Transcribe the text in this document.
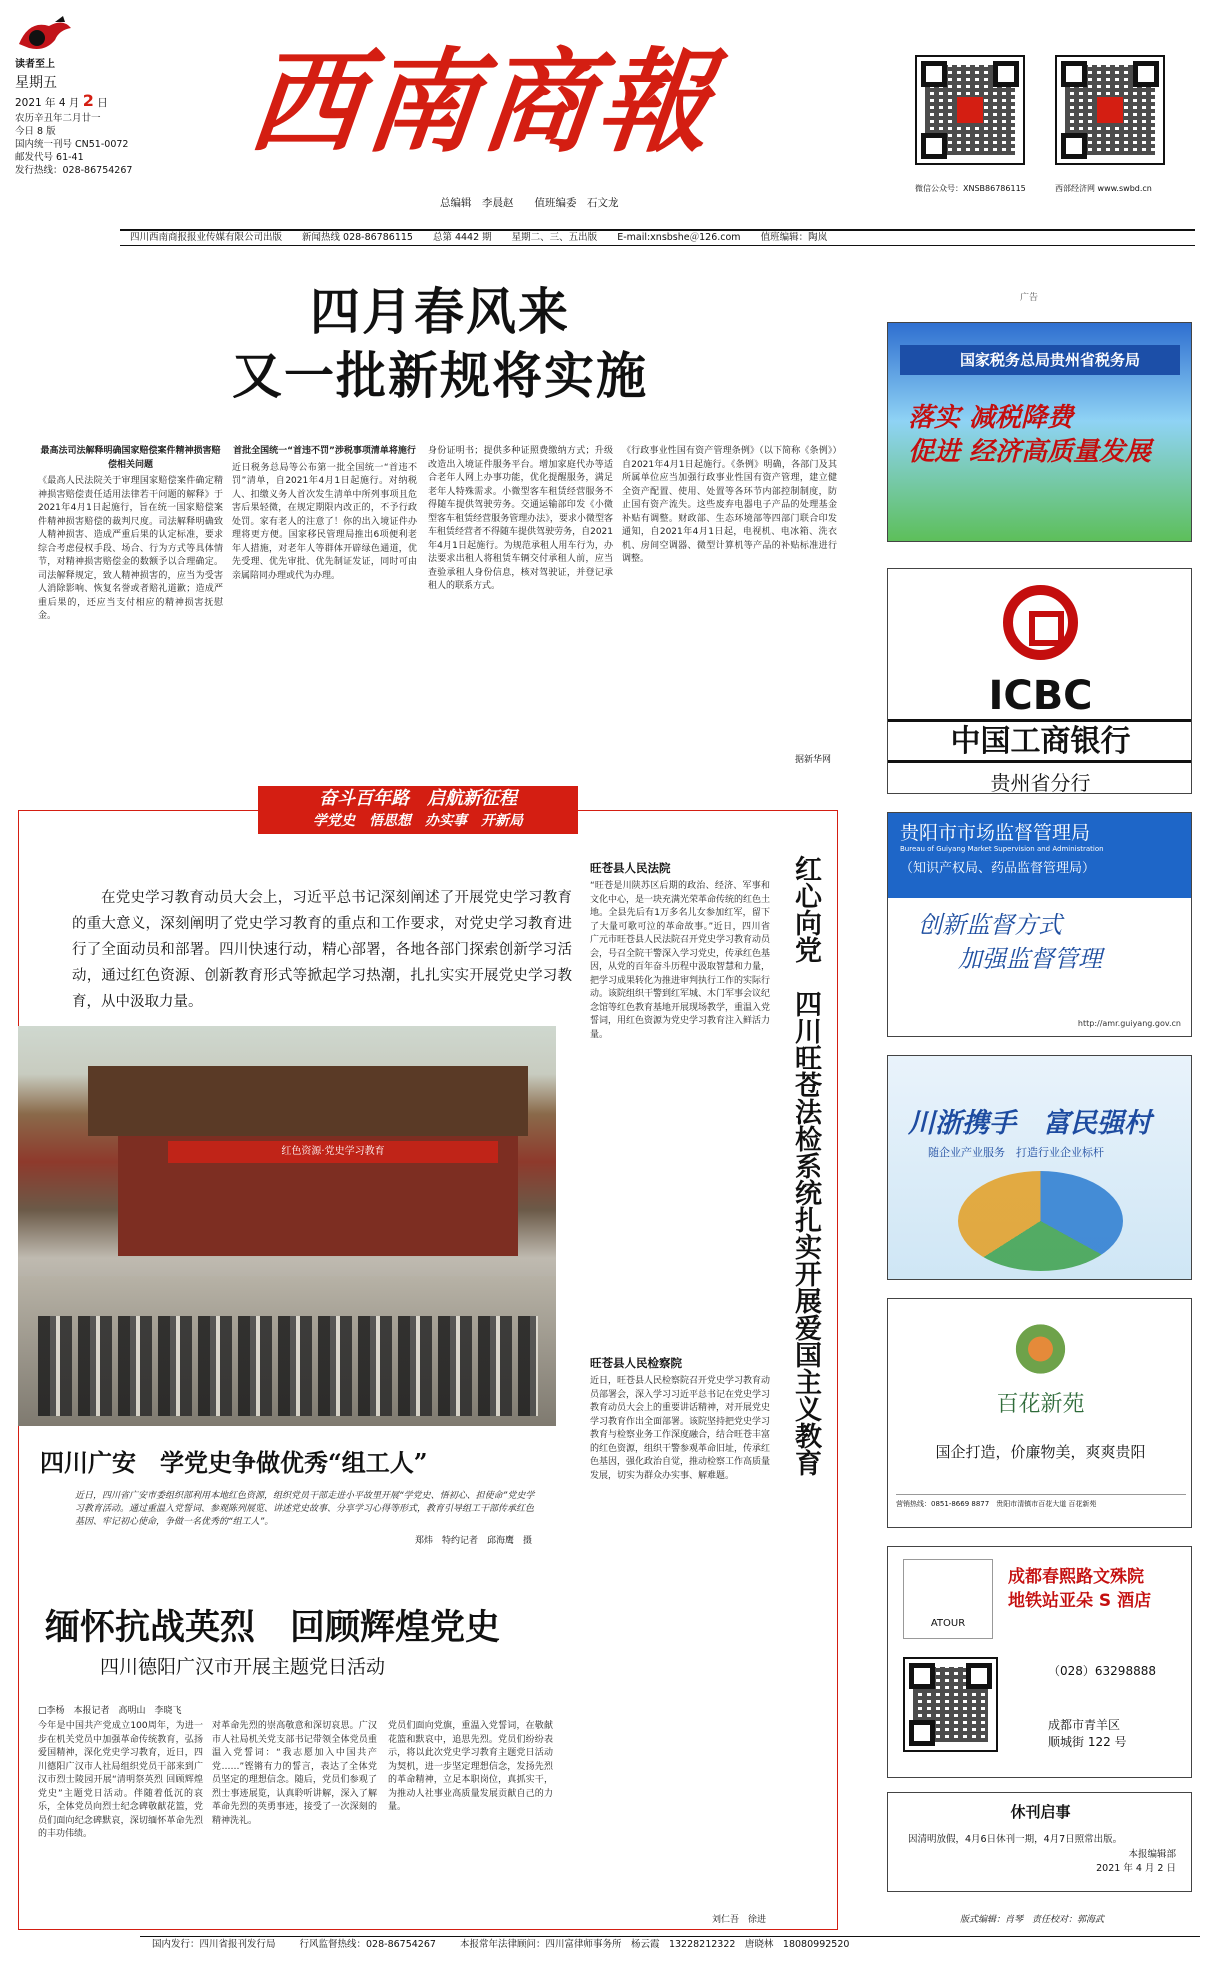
读者至上
星期五
2021 年 4 月 2 日
农历辛丑年二月廿一
今日 8 版
国内统一刊号 CN51-0072
邮发代号 61-41
发行热线：028-86754267
西南商報
总编辑　李晨赵　　值班编委　石文龙
微信公众号：XNSB86786115	西部经济网 www.swbd.cn
四川西南商报报业传媒有限公司出版	新闻热线 028-86786115	总第 4442 期	星期二、三、五出版	E-mail:xnsbshe＠126.com	值班编辑：陶岚
四月春风来
又一批新规将实施
最高法司法解释明确国家赔偿案件精神损害赔偿相关问题
《最高人民法院关于审理国家赔偿案件确定精神损害赔偿责任适用法律若干问题的解释》于2021年4月1日起施行，旨在统一国家赔偿案件精神损害赔偿的裁判尺度。司法解释明确致人精神损害、造成严重后果的认定标准，要求综合考虑侵权手段、场合、行为方式等具体情节，对精神损害赔偿金的数额予以合理确定。司法解释规定，致人精神损害的，应当为受害人消除影响、恢复名誉或者赔礼道歉；造成严重后果的，还应当支付相应的精神损害抚慰金。
首批全国统一“首违不罚”涉税事项清单将施行
近日税务总局等公布第一批全国统一“首违不罚”清单，自2021年4月1日起施行。对纳税人、扣缴义务人首次发生清单中所列事项且危害后果轻微，在规定期限内改正的，不予行政处罚。家有老人的注意了！你的出入境证件办理将更方便。国家移民管理局推出6项便利老年人措施，对老年人等群体开辟绿色通道，优先受理、优先审批、优先制证发证，同时可由亲属陪同办理或代为办理。
身份证明书；提供多种证照费缴纳方式；升级改造出入境证件服务平台。增加家庭代办等适合老年人网上办事功能，优化提醒服务，满足老年人特殊需求。小微型客车租赁经营服务不得随车提供驾驶劳务。交通运输部印发《小微型客车租赁经营服务管理办法》，要求小微型客车租赁经营者不得随车提供驾驶劳务，自2021年4月1日起施行。为规范承租人用车行为，办法要求出租人将租赁车辆交付承租人前，应当查验承租人身份信息，核对驾驶证，并登记承租人的联系方式。
《行政事业性国有资产管理条例》（以下简称《条例》）自2021年4月1日起施行。《条例》明确，各部门及其所属单位应当加强行政事业性国有资产管理，建立健全资产配置、使用、处置等各环节内部控制制度，防止国有资产流失。这些废弃电器电子产品的处理基金补贴有调整。财政部、生态环境部等四部门联合印发通知，自2021年4月1日起，电视机、电冰箱、洗衣机、房间空调器、微型计算机等产品的补贴标准进行调整。
据新华网
奋斗百年路　启航新征程
学党史　悟思想　办实事　开新局
在党史学习教育动员大会上，习近平总书记深刻阐述了开展党史学习教育的重大意义，深刻阐明了党史学习教育的重点和工作要求，对党史学习教育进行了全面动员和部署。四川快速行动，精心部署，各地各部门探索创新学习活动，通过红色资源、创新教育形式等掀起学习热潮，扎扎实实开展党史学习教育，从中汲取力量。
红色资源·党史学习教育
四川广安　学党史争做优秀“组工人”
近日，四川省广安市委组织部利用本地红色资源，组织党员干部走进小平故里开展“学党史、悟初心、担使命”党史学习教育活动。通过重温入党誓词、参观陈列展览、讲述党史故事、分享学习心得等形式，教育引导组工干部传承红色基因、牢记初心使命，争做一名优秀的“组工人”。
郑炜　特约记者　邱海鹰　摄
缅怀抗战英烈　回顾辉煌党史
四川德阳广汉市开展主题党日活动
□李杨　本报记者　高明山　李晓飞
今年是中国共产党成立100周年，为进一步在机关党员中加强革命传统教育，弘扬爱国精神，深化党史学习教育，近日，四川德阳广汉市人社局组织党员干部来到广汉市烈士陵园开展“清明祭英烈 回顾辉煌党史”主题党日活动。伴随着低沉的哀乐，全体党员向烈士纪念碑敬献花篮，党员们面向纪念碑默哀，深切缅怀革命先烈的丰功伟绩。
对革命先烈的崇高敬意和深切哀思。广汉市人社局机关党支部书记带领全体党员重温入党誓词：“我志愿加入中国共产党……”铿锵有力的誓言，表达了全体党员坚定的理想信念。随后，党员们参观了烈士事迹展览，认真聆听讲解，深入了解革命先烈的英勇事迹，接受了一次深刻的精神洗礼。
党员们面向党旗，重温入党誓词，在敬献花篮和默哀中，追思先烈。党员们纷纷表示，将以此次党史学习教育主题党日活动为契机，进一步坚定理想信念，发扬先烈的革命精神，立足本职岗位，真抓实干，为推动人社事业高质量发展贡献自己的力量。
旺苍县人民法院
“旺苍是川陕苏区后期的政治、经济、军事和文化中心，是一块充满光荣革命传统的红色土地。全县先后有1万多名儿女参加红军，留下了大量可歌可泣的革命故事。”近日，四川省广元市旺苍县人民法院召开党史学习教育动员会，号召全院干警深入学习党史，传承红色基因，从党的百年奋斗历程中汲取智慧和力量，把学习成果转化为推进审判执行工作的实际行动。该院组织干警到红军城、木门军事会议纪念馆等红色教育基地开展现场教学，重温入党誓词，用红色资源为党史学习教育注入鲜活力量。
旺苍县人民检察院
近日，旺苍县人民检察院召开党史学习教育动员部署会，深入学习习近平总书记在党史学习教育动员大会上的重要讲话精神，对开展党史学习教育作出全面部署。该院坚持把党史学习教育与检察业务工作深度融合，结合旺苍丰富的红色资源，组织干警参观革命旧址，传承红色基因，强化政治自觉，推动检察工作高质量发展，切实为群众办实事、解难题。
刘仁吾　徐进
红心向党　四川旺苍法检系统扎实开展爱国主义教育
广告
国家税务总局贵州省税务局
落实 减税降费
促进 经济高质量发展
ICBC
中国工商银行
贵州省分行
贵阳市市场监督管理局
Bureau of Guiyang Market Supervision and Administration
（知识产权局、药品监督管理局）
创新监督方式
加强监督管理
http://amr.guiyang.gov.cn
川浙携手　富民强村
随企业产业服务　打造行业企业标杆
百花新苑
国企打造，价廉物美，爽爽贵阳
营销热线：0851-8669 8877　贵阳市清镇市百花大道 百花新苑
ATOUR
成都春熙路文殊院
地铁站亚朵 S 酒店
（028）63298888
成都市青羊区
顺城街 122 号
休刊启事
因清明放假，4月6日休刊一期，4月7日照常出版。
本报编辑部
2021 年 4 月 2 日
版式编辑：肖琴　责任校对：郭海武
国内发行：四川省报刊发行局	行风监督热线：028-86754267	本报常年法律顾问：四川富律师事务所　杨云霞　13228212322　唐晓林　18080992520
